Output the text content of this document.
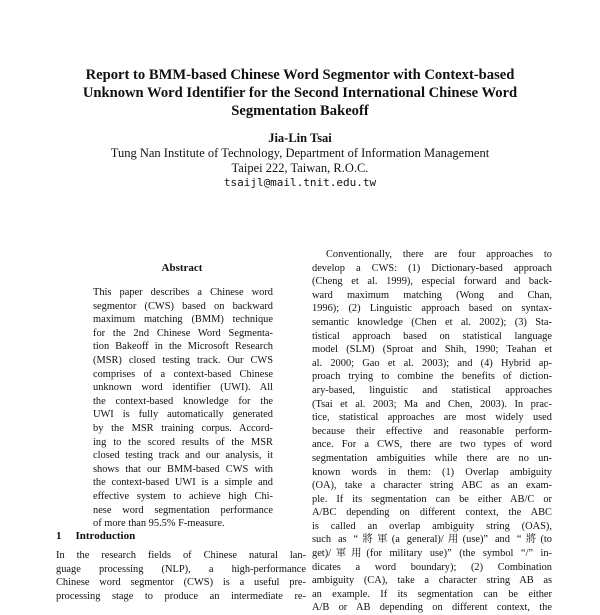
Report to BMM-based Chinese Word Segmentor with Context-based
Unknown Word Identifier for the Second International Chinese Word
Segmentation Bakeoff
Jia-Lin Tsai
Tung Nan Institute of Technology, Department of Information Management
Taipei 222, Taiwan, R.O.C.
tsaijl@mail.tnit.edu.tw
Abstract
This paper describes a Chinese word
segmentor (CWS) based on backward
maximum matching (BMM) technique
for the 2nd Chinese Word Segmenta-
tion Bakeoff in the Microsoft Research
(MSR) closed testing track. Our CWS
comprises of a context-based Chinese
unknown word identifier (UWI). All
the context-based knowledge for the
UWI is fully automatically generated
by the MSR training corpus. Accord-
ing to the scored results of the MSR
closed testing track and our analysis, it
shows that our BMM-based CWS with
the context-based UWI is a simple and
effective system to achieve high Chi-
nese word segmentation performance
of more than 95.5% F-measure.
1 Introduction
In the research fields of Chinese natural lan-
guage processing (NLP), a high-performance
Chinese word segmentor (CWS) is a useful pre-
processing stage to produce an intermediate re-
Conventionally, there are four approaches to
develop a CWS: (1) Dictionary-based approach
(Cheng et al. 1999), especial forward and back-
ward maximum matching (Wong and Chan,
1996); (2) Linguistic approach based on syntax-
semantic knowledge (Chen et al. 2002); (3) Sta-
tistical approach based on statistical language
model (SLM) (Sproat and Shih, 1990; Teahan et
al. 2000; Gao et al. 2003); and (4) Hybrid ap-
proach trying to combine the benefits of diction-
ary-based, linguistic and statistical approaches
(Tsai et al. 2003; Ma and Chen, 2003). In prac-
tice, statistical approaches are most widely used
because their effective and reasonable perform-
ance. For a CWS, there are two types of word
segmentation ambiguities while there are no un-
known words in them: (1) Overlap ambiguity
(OA), take a character string ABC as an exam-
ple. If its segmentation can be either AB/C or
A/BC depending on different context, the ABC
is called an overlap ambiguity string (OAS),
such as “將軍(a general)/用(use)” and “將(to
get)/軍用(for military use)” (the symbol “/” in-
dicates a word boundary); (2) Combination
ambiguity (CA), take a character string AB as
an example. If its segmentation can be either
A/B or AB depending on different context, the
